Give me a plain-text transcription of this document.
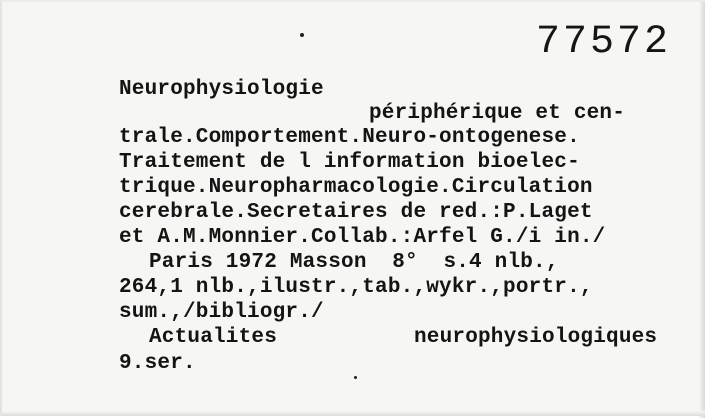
77572
Neurophysiologie
périphérique et cen-
trale.Comportement.Neuro-ontogenese.
Traitement de l information bioelec-
trique.Neuropharmacologie.Circulation
cerebrale.Secretaires de red.:P.Laget
et A.M.Monnier.Collab.:Arfel G./i in./
Paris 1972 Masson  8°  s.4 nlb.,
264,1 nlb.,ilustr.,tab.,wykr.,portr.,
sum.,/bibliogr./
Actualites	neurophysiologiques
9.ser.
